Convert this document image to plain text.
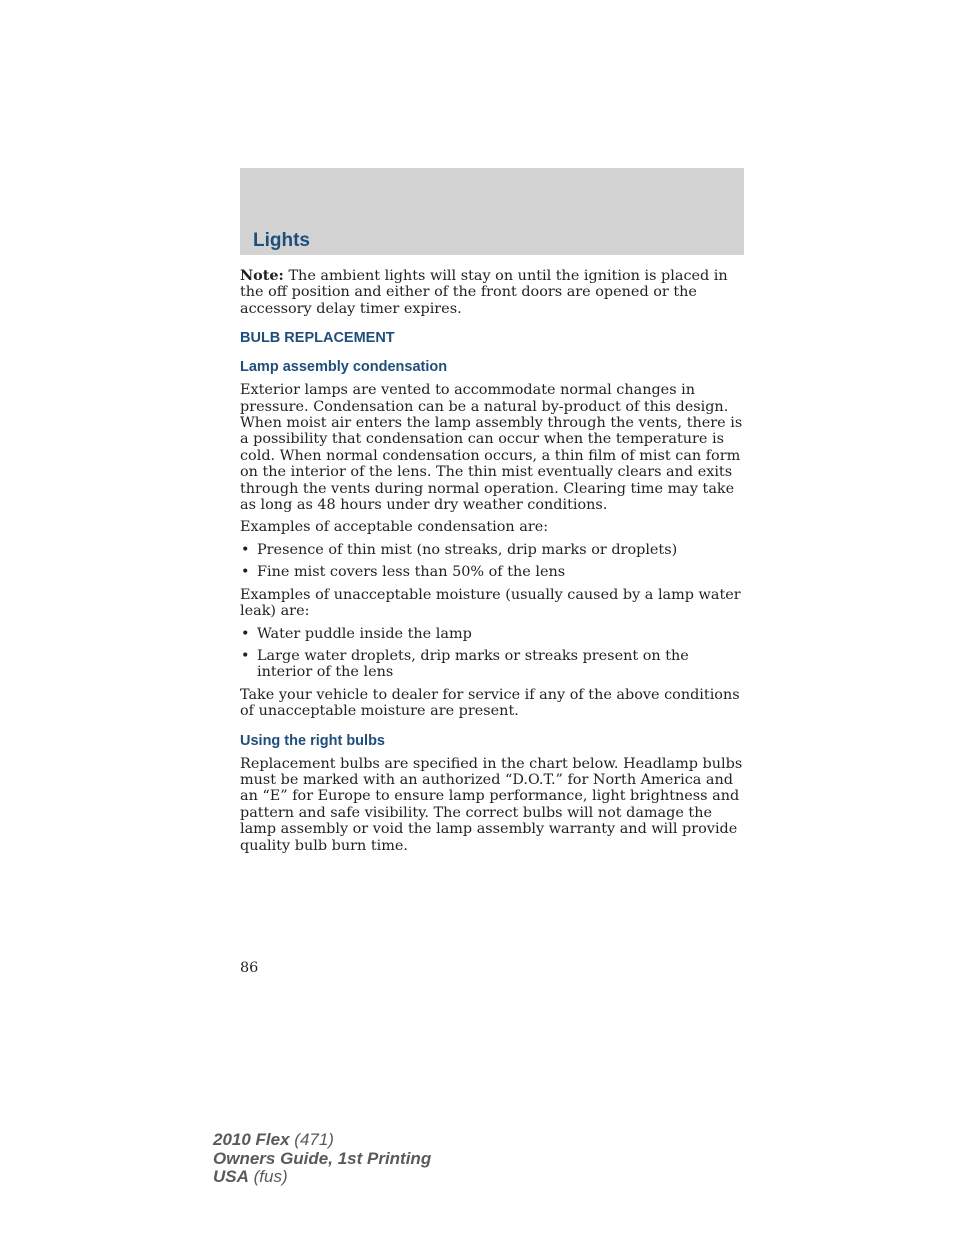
Lights

Note: The ambient lights will stay on until the ignition is placed in the off position and either of the front doors are opened or the accessory delay timer expires.

BULB REPLACEMENT
Lamp assembly condensation

Exterior lamps are vented to accommodate normal changes in pressure. Condensation can be a natural by-product of this design. When moist air enters the lamp assembly through the vents, there is a possibility that condensation can occur when the temperature is cold. When normal condensation occurs, a thin film of mist can form on the interior of the lens. The thin mist eventually clears and exits through the vents during normal operation. Clearing time may take as long as 48 hours under dry weather conditions.

Examples of acceptable condensation are:

• Presence of thin mist (no streaks, drip marks or droplets)
• Fine mist covers less than 50% of the lens

Examples of unacceptable moisture (usually caused by a lamp water leak) are:

• Water puddle inside the lamp
• Large water droplets, drip marks or streaks present on the interior of the lens

Take your vehicle to dealer for service if any of the above conditions of unacceptable moisture are present.

Using the right bulbs

Replacement bulbs are specified in the chart below. Headlamp bulbs must be marked with an authorized “D.O.T.” for North America and an “E” for Europe to ensure lamp performance, light brightness and pattern and safe visibility. The correct bulbs will not damage the lamp assembly or void the lamp assembly warranty and will provide quality bulb burn time.

86
2010 Flex (471)
Owners Guide, 1st Printing
USA (fus)
